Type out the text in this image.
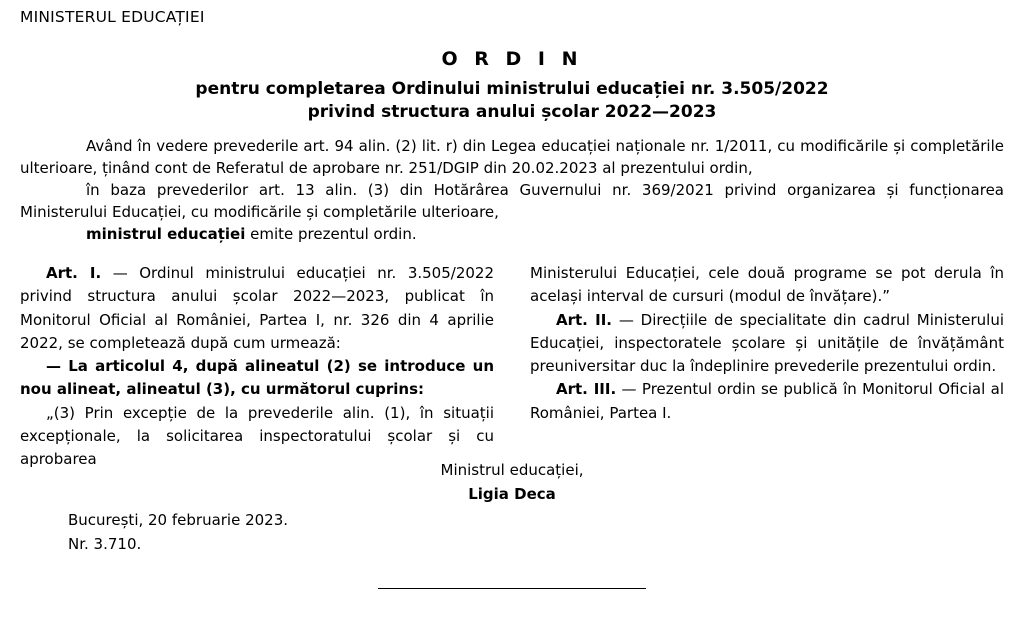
MINISTERUL EDUCAȚIEI
O R D I N
pentru completarea Ordinului ministrului educației nr. 3.505/2022
privind structura anului școlar 2022—2023

Având în vedere prevederile art. 94 alin. (2) lit. r) din Legea educației naționale nr. 1/2011, cu modificările și completările ulterioare, ținând cont de Referatul de aprobare nr. 251/DGIP din 20.02.2023 al prezentului ordin,

în baza prevederilor art. 13 alin. (3) din Hotărârea Guvernului nr. 369/2021 privind organizarea și funcționarea Ministerului Educației, cu modificările și completările ulterioare,

ministrul educației emite prezentul ordin.

Art. I. — Ordinul ministrului educației nr. 3.505/2022 privind structura anului școlar 2022—2023, publicat în Monitorul Oficial al României, Partea I, nr. 326 din 4 aprilie 2022, se completează după cum urmează:

— La articolul 4, după alineatul (2) se introduce un nou alineat, alineatul (3), cu următorul cuprins:

„(3) Prin excepție de la prevederile alin. (1), în situații excepționale, la solicitarea inspectoratului școlar și cu aprobarea

Ministerului Educației, cele două programe se pot derula în același interval de cursuri (modul de învățare).”

Art. II. — Direcțiile de specialitate din cadrul Ministerului Educației, inspectoratele școlare și unitățile de învățământ preuniversitar duc la îndeplinire prevederile prezentului ordin.

Art. III. — Prezentul ordin se publică în Monitorul Oficial al României, Partea I.

Ministrul educației,
Ligia Deca
București, 20 februarie 2023.
Nr. 3.710.
